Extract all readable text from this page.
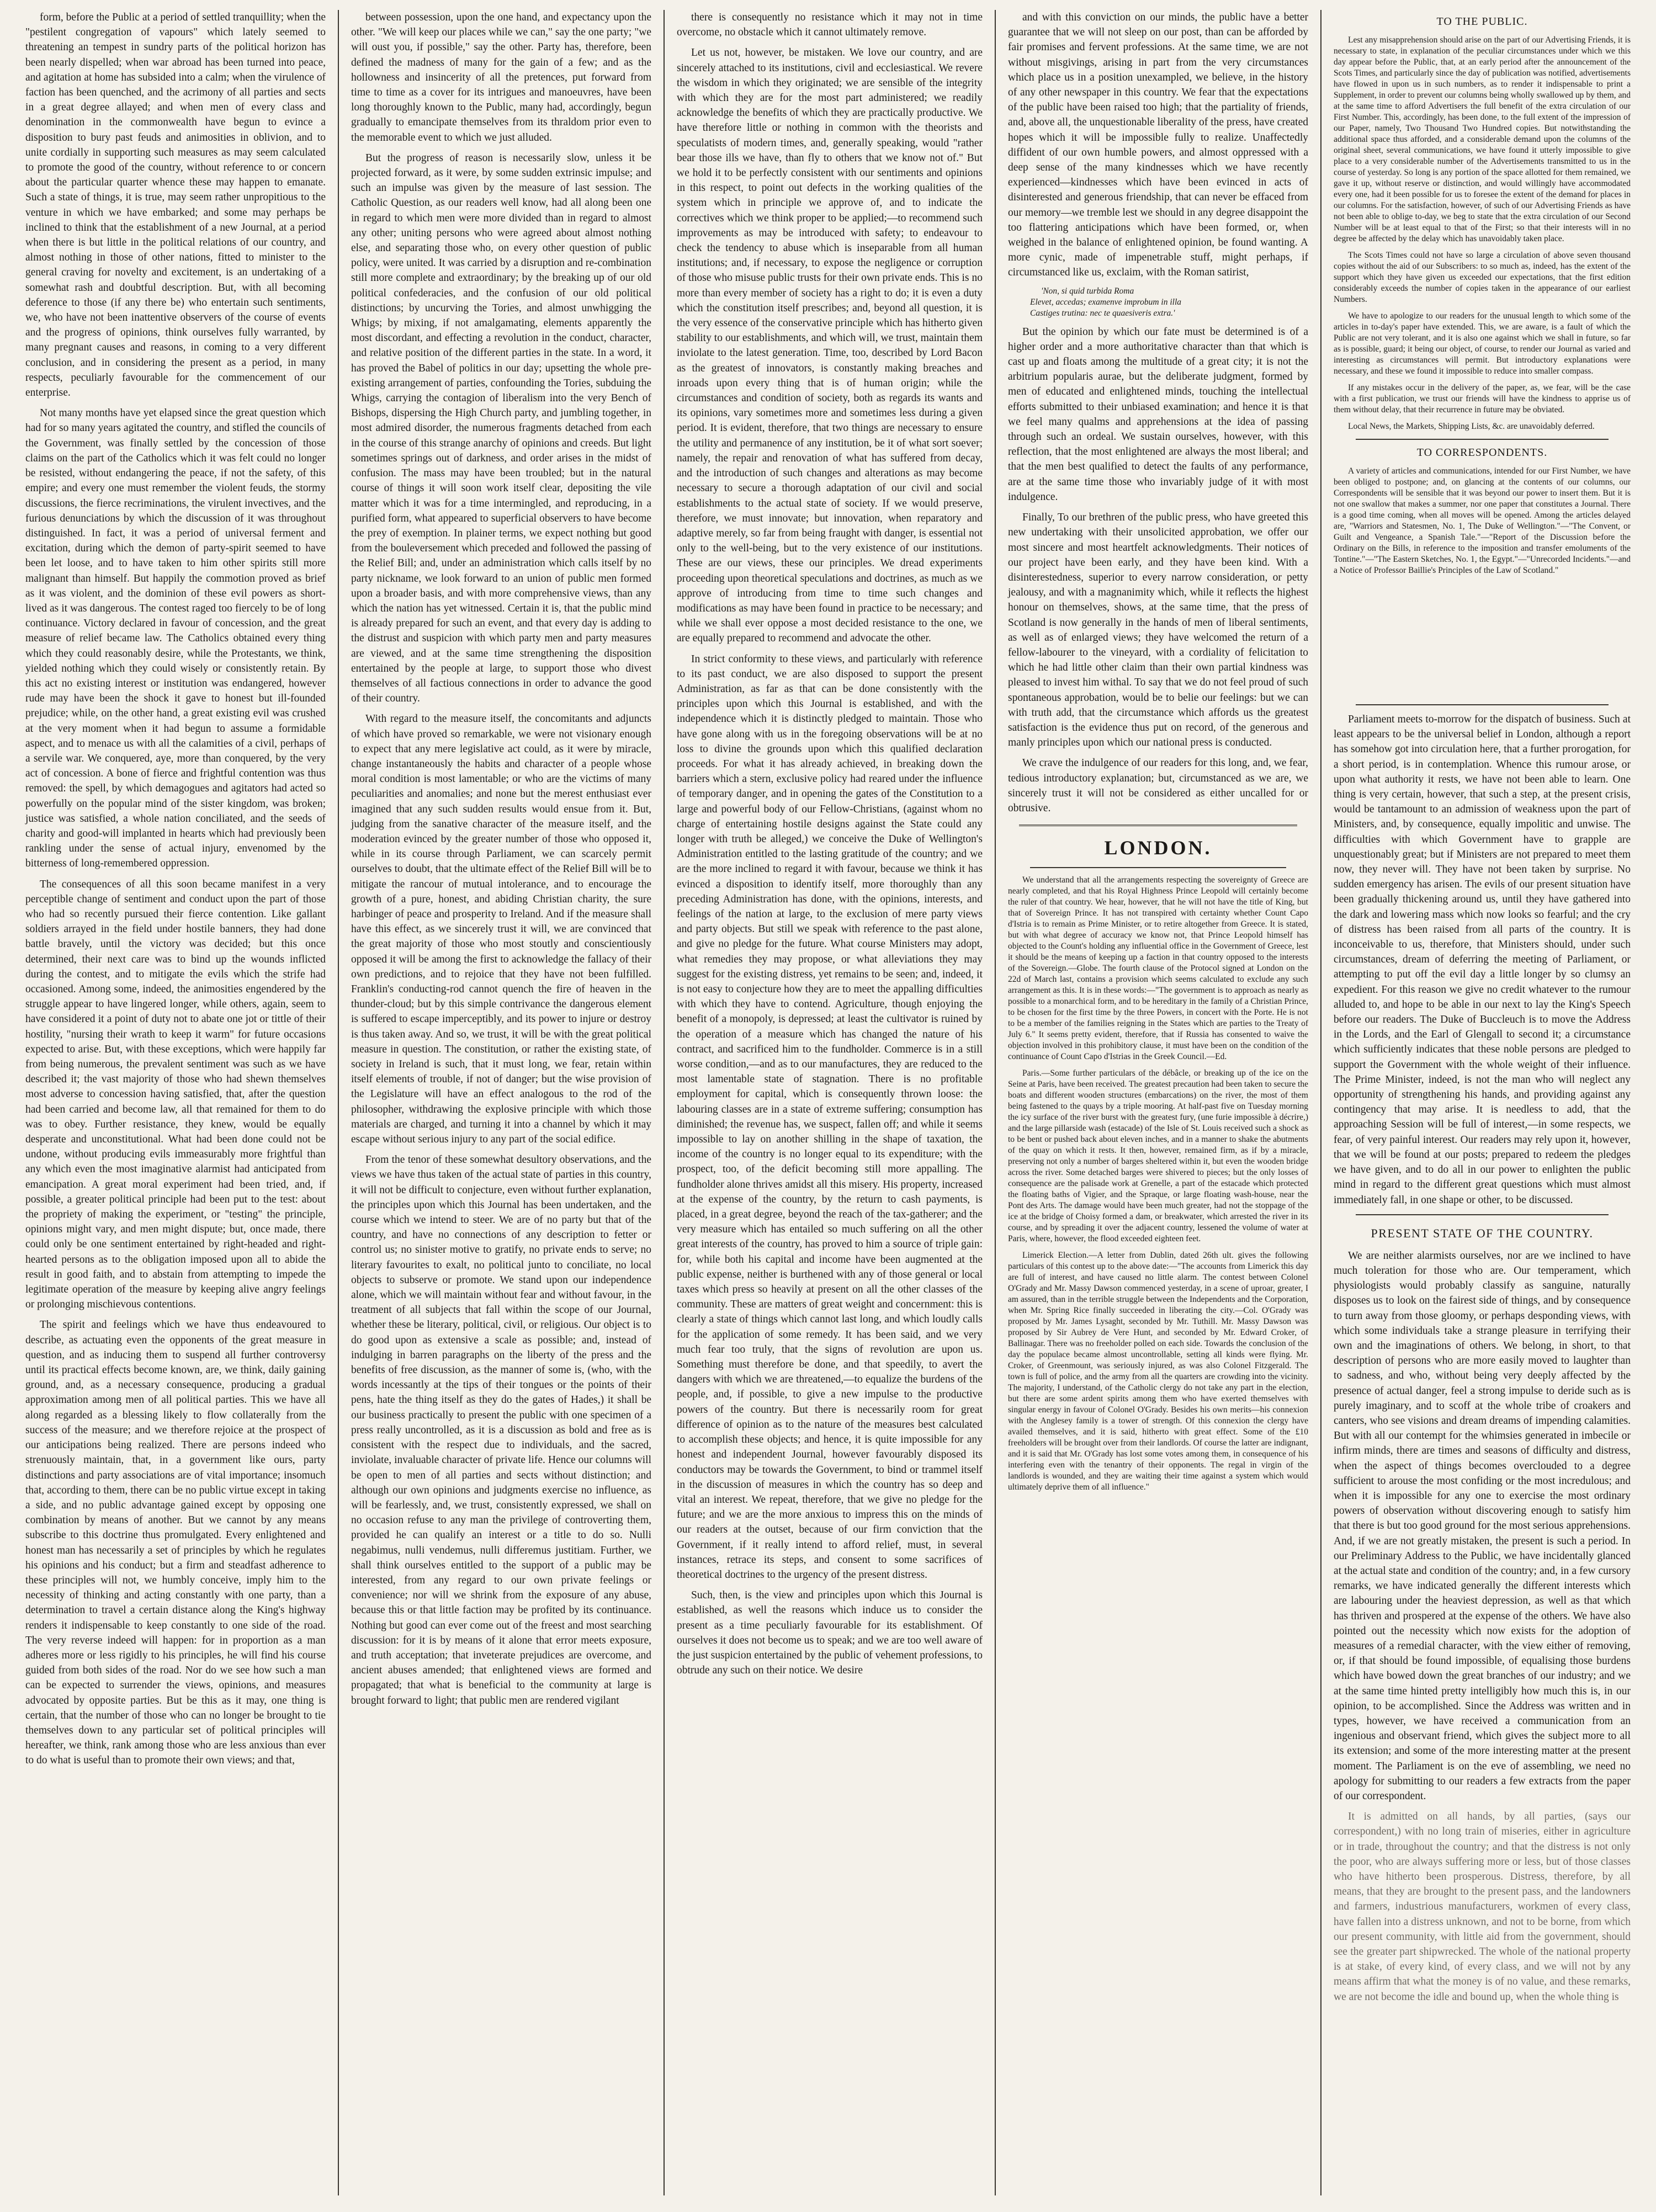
form, before the Public at a period of settled tranquillity; when the "pestilent congregation of vapours" which lately seemed to threatening an tempest in sundry parts of the political horizon has been nearly dispelled; when war abroad has been turned into peace, and agitation at home has subsided into a calm; when the virulence of faction has been quenched, and the acrimony of all parties and sects in a great degree allayed; and when men of every class and denomination in the commonwealth have begun to evince a disposition to bury past feuds and animosities in oblivion, and to unite cordially in supporting such measures as may seem calculated to promote the good of the country, without reference to or concern about the particular quarter whence these may happen to emanate. Such a state of things, it is true, may seem rather unpropitious to the venture in which we have embarked; and some may perhaps be inclined to think that the establishment of a new Journal, at a period when there is but little in the political relations of our country, and almost nothing in those of other nations, fitted to minister to the general craving for novelty and excitement, is an undertaking of a somewhat rash and doubtful description. But, with all becoming deference to those (if any there be) who entertain such sentiments, we, who have not been inattentive observers of the course of events and the progress of opinions, think ourselves fully warranted, by many pregnant causes and reasons, in coming to a very different conclusion, and in considering the present as a period, in many respects, peculiarly favourable for the commencement of our enterprise.

Not many months have yet elapsed since the great question which had for so many years agitated the country, and stifled the councils of the Government, was finally settled by the concession of those claims on the part of the Catholics which it was felt could no longer be resisted, without endangering the peace, if not the safety, of this empire; and every one must remember the violent feuds, the stormy discussions, the fierce recriminations, the virulent invectives, and the furious denunciations by which the discussion of it was throughout distinguished. In fact, it was a period of universal ferment and excitation, during which the demon of party-spirit seemed to have been let loose, and to have taken to him other spirits still more malignant than himself. But happily the commotion proved as brief as it was violent, and the dominion of these evil powers as short-lived as it was dangerous. The contest raged too fiercely to be of long continuance. Victory declared in favour of concession, and the great measure of relief became law. The Catholics obtained every thing which they could reasonably desire, while the Protestants, we think, yielded nothing which they could wisely or consistently retain. By this act no existing interest or institution was endangered, however rude may have been the shock it gave to honest but ill-founded prejudice; while, on the other hand, a great existing evil was crushed at the very moment when it had begun to assume a formidable aspect, and to menace us with all the calamities of a civil, perhaps of a servile war. We conquered, aye, more than conquered, by the very act of concession. A bone of fierce and frightful contention was thus removed: the spell, by which demagogues and agitators had acted so powerfully on the popular mind of the sister kingdom, was broken; justice was satisfied, a whole nation conciliated, and the seeds of charity and good-will implanted in hearts which had previously been rankling under the sense of actual injury, envenomed by the bitterness of long-remembered oppression.

The consequences of all this soon became manifest in a very perceptible change of sentiment and conduct upon the part of those who had so recently pursued their fierce contention. Like gallant soldiers arrayed in the field under hostile banners, they had done battle bravely, until the victory was decided; but this once determined, their next care was to bind up the wounds inflicted during the contest, and to mitigate the evils which the strife had occasioned. Among some, indeed, the animosities engendered by the struggle appear to have lingered longer, while others, again, seem to have considered it a point of duty not to abate one jot or tittle of their hostility, "nursing their wrath to keep it warm" for future occasions expected to arise. But, with these exceptions, which were happily far from being numerous, the prevalent sentiment was such as we have described it; the vast majority of those who had shewn themselves most adverse to concession having satisfied, that, after the question had been carried and become law, all that remained for them to do was to obey. Further resistance, they knew, would be equally desperate and unconstitutional. What had been done could not be undone, without producing evils immeasurably more frightful than any which even the most imaginative alarmist had anticipated from emancipation. A great moral experiment had been tried, and, if possible, a greater political principle had been put to the test: about the propriety of making the experiment, or "testing" the principle, opinions might vary, and men might dispute; but, once made, there could only be one sentiment entertained by right-headed and right-hearted persons as to the obligation imposed upon all to abide the result in good faith, and to abstain from attempting to impede the legitimate operation of the measure by keeping alive angry feelings or prolonging mischievous contentions.

The spirit and feelings which we have thus endeavoured to describe, as actuating even the opponents of the great measure in question, and as inducing them to suspend all further controversy until its practical effects become known, are, we think, daily gaining ground, and, as a necessary consequence, producing a gradual approximation among men of all political parties. This we have all along regarded as a blessing likely to flow collaterally from the success of the measure; and we therefore rejoice at the prospect of our anticipations being realized. There are persons indeed who strenuously maintain, that, in a government like ours, party distinctions and party associations are of vital importance; insomuch that, according to them, there can be no public virtue except in taking a side, and no public advantage gained except by opposing one combination by means of another. But we cannot by any means subscribe to this doctrine thus promulgated. Every enlightened and honest man has necessarily a set of principles by which he regulates his opinions and his conduct; but a firm and steadfast adherence to these principles will not, we humbly conceive, imply him to the necessity of thinking and acting constantly with one party, than a determination to travel a certain distance along the King's highway renders it indispensable to keep constantly to one side of the road. The very reverse indeed will happen: for in proportion as a man adheres more or less rigidly to his principles, he will find his course guided from both sides of the road. Nor do we see how such a man can be expected to surrender the views, opinions, and measures advocated by opposite parties. But be this as it may, one thing is certain, that the number of those who can no longer be brought to tie themselves down to any particular set of political principles will hereafter, we think, rank among those who are less anxious than ever to do what is useful than to promote their own views; and that,

between possession, upon the one hand, and expectancy upon the other. "We will keep our places while we can," say the one party; "we will oust you, if possible," say the other. Party has, therefore, been defined the madness of many for the gain of a few; and as the hollowness and insincerity of all the pretences, put forward from time to time as a cover for its intrigues and manoeuvres, have been long thoroughly known to the Public, many had, accordingly, begun gradually to emancipate themselves from its thraldom prior even to the memorable event to which we just alluded.

But the progress of reason is necessarily slow, unless it be projected forward, as it were, by some sudden extrinsic impulse; and such an impulse was given by the measure of last session. The Catholic Question, as our readers well know, had all along been one in regard to which men were more divided than in regard to almost any other; uniting persons who were agreed about almost nothing else, and separating those who, on every other question of public policy, were united. It was carried by a disruption and re-combination still more complete and extraordinary; by the breaking up of our old political confederacies, and the confusion of our old political distinctions; by uncurving the Tories, and almost unwhigging the Whigs; by mixing, if not amalgamating, elements apparently the most discordant, and effecting a revolution in the conduct, character, and relative position of the different parties in the state. In a word, it has proved the Babel of politics in our day; upsetting the whole pre-existing arrangement of parties, confounding the Tories, subduing the Whigs, carrying the contagion of liberalism into the very Bench of Bishops, dispersing the High Church party, and jumbling together, in most admired disorder, the numerous fragments detached from each in the course of this strange anarchy of opinions and creeds. But light sometimes springs out of darkness, and order arises in the midst of confusion. The mass may have been troubled; but in the natural course of things it will soon work itself clear, depositing the vile matter which it was for a time intermingled, and reproducing, in a purified form, what appeared to superficial observers to have become the prey of exemption. In plainer terms, we expect nothing but good from the bouleversement which preceded and followed the passing of the Relief Bill; and, under an administration which calls itself by no party nickname, we look forward to an union of public men formed upon a broader basis, and with more comprehensive views, than any which the nation has yet witnessed. Certain it is, that the public mind is already prepared for such an event, and that every day is adding to the distrust and suspicion with which party men and party measures are viewed, and at the same time strengthening the disposition entertained by the people at large, to support those who divest themselves of all factious connections in order to advance the good of their country.

With regard to the measure itself, the concomitants and adjuncts of which have proved so remarkable, we were not visionary enough to expect that any mere legislative act could, as it were by miracle, change instantaneously the habits and character of a people whose moral condition is most lamentable; or who are the victims of many peculiarities and anomalies; and none but the merest enthusiast ever imagined that any such sudden results would ensue from it. But, judging from the sanative character of the measure itself, and the moderation evinced by the greater number of those who opposed it, while in its course through Parliament, we can scarcely permit ourselves to doubt, that the ultimate effect of the Relief Bill will be to mitigate the rancour of mutual intolerance, and to encourage the growth of a pure, honest, and abiding Christian charity, the sure harbinger of peace and prosperity to Ireland. And if the measure shall have this effect, as we sincerely trust it will, we are convinced that the great majority of those who most stoutly and conscientiously opposed it will be among the first to acknowledge the fallacy of their own predictions, and to rejoice that they have not been fulfilled. Franklin's conducting-rod cannot quench the fire of heaven in the thunder-cloud; but by this simple contrivance the dangerous element is suffered to escape imperceptibly, and its power to injure or destroy is thus taken away. And so, we trust, it will be with the great political measure in question. The constitution, or rather the existing state, of society in Ireland is such, that it must long, we fear, retain within itself elements of trouble, if not of danger; but the wise provision of the Legislature will have an effect analogous to the rod of the philosopher, withdrawing the explosive principle with which those materials are charged, and turning it into a channel by which it may escape without serious injury to any part of the social edifice.

From the tenor of these somewhat desultory observations, and the views we have thus taken of the actual state of parties in this country, it will not be difficult to conjecture, even without further explanation, the principles upon which this Journal has been undertaken, and the course which we intend to steer. We are of no party but that of the country, and have no connections of any description to fetter or control us; no sinister motive to gratify, no private ends to serve; no literary favourites to exalt, no political junto to conciliate, no local objects to subserve or promote. We stand upon our independence alone, which we will maintain without fear and without favour, in the treatment of all subjects that fall within the scope of our Journal, whether these be literary, political, civil, or religious. Our object is to do good upon as extensive a scale as possible; and, instead of indulging in barren paragraphs on the liberty of the press and the benefits of free discussion, as the manner of some is, (who, with the words incessantly at the tips of their tongues or the points of their pens, hate the thing itself as they do the gates of Hades,) it shall be our business practically to present the public with one specimen of a press really uncontrolled, as it is a discussion as bold and free as is consistent with the respect due to individuals, and the sacred, inviolate, invaluable character of private life. Hence our columns will be open to men of all parties and sects without distinction; and although our own opinions and judgments exercise no influence, as will be fearlessly, and, we trust, consistently expressed, we shall on no occasion refuse to any man the privilege of controverting them, provided he can qualify an interest or a title to do so. Nulli negabimus, nulli vendemus, nulli differemus justitiam. Further, we shall think ourselves entitled to the support of a public may be interested, from any regard to our own private feelings or convenience; nor will we shrink from the exposure of any abuse, because this or that little faction may be profited by its continuance. Nothing but good can ever come out of the freest and most searching discussion: for it is by means of it alone that error meets exposure, and truth acceptation; that inveterate prejudices are overcome, and ancient abuses amended; that enlightened views are formed and propagated; that what is beneficial to the community at large is brought forward to light; that public men are rendered vigilant

there is consequently no resistance which it may not in time overcome, no obstacle which it cannot ultimately remove.

Let us not, however, be mistaken. We love our country, and are sincerely attached to its institutions, civil and ecclesiastical. We revere the wisdom in which they originated; we are sensible of the integrity with which they are for the most part administered; we readily acknowledge the benefits of which they are practically productive. We have therefore little or nothing in common with the theorists and speculatists of modern times, and, generally speaking, would "rather bear those ills we have, than fly to others that we know not of." But we hold it to be perfectly consistent with our sentiments and opinions in this respect, to point out defects in the working qualities of the system which in principle we approve of, and to indicate the correctives which we think proper to be applied;—to recommend such improvements as may be introduced with safety; to endeavour to check the tendency to abuse which is inseparable from all human institutions; and, if necessary, to expose the negligence or corruption of those who misuse public trusts for their own private ends. This is no more than every member of society has a right to do; it is even a duty which the constitution itself prescribes; and, beyond all question, it is the very essence of the conservative principle which has hitherto given stability to our establishments, and which will, we trust, maintain them inviolate to the latest generation. Time, too, described by Lord Bacon as the greatest of innovators, is constantly making breaches and inroads upon every thing that is of human origin; while the circumstances and condition of society, both as regards its wants and its opinions, vary sometimes more and sometimes less during a given period. It is evident, therefore, that two things are necessary to ensure the utility and permanence of any institution, be it of what sort soever; namely, the repair and renovation of what has suffered from decay, and the introduction of such changes and alterations as may become necessary to secure a thorough adaptation of our civil and social establishments to the actual state of society. If we would preserve, therefore, we must innovate; but innovation, when reparatory and adaptive merely, so far from being fraught with danger, is essential not only to the well-being, but to the very existence of our institutions. These are our views, these our principles. We dread experiments proceeding upon theoretical speculations and doctrines, as much as we approve of introducing from time to time such changes and modifications as may have been found in practice to be necessary; and while we shall ever oppose a most decided resistance to the one, we are equally prepared to recommend and advocate the other.

In strict conformity to these views, and particularly with reference to its past conduct, we are also disposed to support the present Administration, as far as that can be done consistently with the principles upon which this Journal is established, and with the independence which it is distinctly pledged to maintain. Those who have gone along with us in the foregoing observations will be at no loss to divine the grounds upon which this qualified declaration proceeds. For what it has already achieved, in breaking down the barriers which a stern, exclusive policy had reared under the influence of temporary danger, and in opening the gates of the Constitution to a large and powerful body of our Fellow-Christians, (against whom no charge of entertaining hostile designs against the State could any longer with truth be alleged,) we conceive the Duke of Wellington's Administration entitled to the lasting gratitude of the country; and we are the more inclined to regard it with favour, because we think it has evinced a disposition to identify itself, more thoroughly than any preceding Administration has done, with the opinions, interests, and feelings of the nation at large, to the exclusion of mere party views and party objects. But still we speak with reference to the past alone, and give no pledge for the future. What course Ministers may adopt, what remedies they may propose, or what alleviations they may suggest for the existing distress, yet remains to be seen; and, indeed, it is not easy to conjecture how they are to meet the appalling difficulties with which they have to contend. Agriculture, though enjoying the benefit of a monopoly, is depressed; at least the cultivator is ruined by the operation of a measure which has changed the nature of his contract, and sacrificed him to the fundholder. Commerce is in a still worse condition,—and as to our manufactures, they are reduced to the most lamentable state of stagnation. There is no profitable employment for capital, which is consequently thrown loose: the labouring classes are in a state of extreme suffering; consumption has diminished; the revenue has, we suspect, fallen off; and while it seems impossible to lay on another shilling in the shape of taxation, the income of the country is no longer equal to its expenditure; with the prospect, too, of the deficit becoming still more appalling. The fundholder alone thrives amidst all this misery. His property, increased at the expense of the country, by the return to cash payments, is placed, in a great degree, beyond the reach of the tax-gatherer; and the very measure which has entailed so much suffering on all the other great interests of the country, has proved to him a source of triple gain: for, while both his capital and income have been augmented at the public expense, neither is burthened with any of those general or local taxes which press so heavily at present on all the other classes of the community. These are matters of great weight and concernment: this is clearly a state of things which cannot last long, and which loudly calls for the application of some remedy. It has been said, and we very much fear too truly, that the signs of revolution are upon us. Something must therefore be done, and that speedily, to avert the dangers with which we are threatened,—to equalize the burdens of the people, and, if possible, to give a new impulse to the productive powers of the country. But there is necessarily room for great difference of opinion as to the nature of the measures best calculated to accomplish these objects; and hence, it is quite impossible for any honest and independent Journal, however favourably disposed its conductors may be towards the Government, to bind or trammel itself in the discussion of measures in which the country has so deep and vital an interest. We repeat, therefore, that we give no pledge for the future; and we are the more anxious to impress this on the minds of our readers at the outset, because of our firm conviction that the Government, if it really intend to afford relief, must, in several instances, retrace its steps, and consent to some sacrifices of theoretical doctrines to the urgency of the present distress.

Such, then, is the view and principles upon which this Journal is established, as well the reasons which induce us to consider the present as a time peculiarly favourable for its establishment. Of ourselves it does not become us to speak; and we are too well aware of the just suspicion entertained by the public of vehement professions, to obtrude any such on their notice. We desire

and with this conviction on our minds, the public have a better guarantee that we will not sleep on our post, than can be afforded by fair promises and fervent professions. At the same time, we are not without misgivings, arising in part from the very circumstances which place us in a position unexampled, we believe, in the history of any other newspaper in this country. We fear that the expectations of the public have been raised too high; that the partiality of friends, and, above all, the unquestionable liberality of the press, have created hopes which it will be impossible fully to realize. Unaffectedly diffident of our own humble powers, and almost oppressed with a deep sense of the many kindnesses which we have recently experienced—kindnesses which have been evinced in acts of disinterested and generous friendship, that can never be effaced from our memory—we tremble lest we should in any degree disappoint the too flattering anticipations which have been formed, or, when weighed in the balance of enlightened opinion, be found wanting. A more cynic, made of impenetrable stuff, might perhaps, if circumstanced like us, exclaim, with the Roman satirist,

'Non, si quid turbida Roma

Elevet, accedas; examenve improbum in illa

Castiges trutina: nec te quaesiveris extra.'

But the opinion by which our fate must be determined is of a higher order and a more authoritative character than that which is cast up and floats among the multitude of a great city; it is not the arbitrium popularis aurae, but the deliberate judgment, formed by men of educated and enlightened minds, touching the intellectual efforts submitted to their unbiased examination; and hence it is that we feel many qualms and apprehensions at the idea of passing through such an ordeal. We sustain ourselves, however, with this reflection, that the most enlightened are always the most liberal; and that the men best qualified to detect the faults of any performance, are at the same time those who invariably judge of it with most indulgence.

Finally, To our brethren of the public press, who have greeted this new undertaking with their unsolicited approbation, we offer our most sincere and most heartfelt acknowledgments. Their notices of our project have been early, and they have been kind. With a disinterestedness, superior to every narrow consideration, or petty jealousy, and with a magnanimity which, while it reflects the highest honour on themselves, shows, at the same time, that the press of Scotland is now generally in the hands of men of liberal sentiments, as well as of enlarged views; they have welcomed the return of a fellow-labourer to the vineyard, with a cordiality of felicitation to which he had little other claim than their own partial kindness was pleased to invest him withal. To say that we do not feel proud of such spontaneous approbation, would be to belie our feelings: but we can with truth add, that the circumstance which affords us the greatest satisfaction is the evidence thus put on record, of the generous and manly principles upon which our national press is conducted.

We crave the indulgence of our readers for this long, and, we fear, tedious introductory explanation; but, circumstanced as we are, we sincerely trust it will not be considered as either uncalled for or obtrusive.

LONDON.

We understand that all the arrangements respecting the sovereignty of Greece are nearly completed, and that his Royal Highness Prince Leopold will certainly become the ruler of that country. We hear, however, that he will not have the title of King, but that of Sovereign Prince. It has not transpired with certainty whether Count Capo d'Istria is to remain as Prime Minister, or to retire altogether from Greece. It is stated, but with what degree of accuracy we know not, that Prince Leopold himself has objected to the Count's holding any influential office in the Government of Greece, lest it should be the means of keeping up a faction in that country opposed to the interests of the Sovereign.—Globe. The fourth clause of the Protocol signed at London on the 22d of March last, contains a provision which seems calculated to exclude any such arrangement as this. It is in these words:—"The government is to approach as nearly as possible to a monarchical form, and to be hereditary in the family of a Christian Prince, to be chosen for the first time by the three Powers, in concert with the Porte. He is not to be a member of the families reigning in the States which are parties to the Treaty of July 6." It seems pretty evident, therefore, that if Russia has consented to waive the objection involved in this prohibitory clause, it must have been on the condition of the continuance of Count Capo d'Istrias in the Greek Council.—Ed.

Paris.—Some further particulars of the débâcle, or breaking up of the ice on the Seine at Paris, have been received. The greatest precaution had been taken to secure the boats and different wooden structures (embarcations) on the river, the most of them being fastened to the quays by a triple mooring. At half-past five on Tuesday morning the icy surface of the river burst with the greatest fury, (une furie impossible à décrire,) and the large pillarside wash (estacade) of the Isle of St. Louis received such a shock as to be bent or pushed back about eleven inches, and in a manner to shake the abutments of the quay on which it rests. It then, however, remained firm, as if by a miracle, preserving not only a number of barges sheltered within it, but even the wooden bridge across the river. Some detached barges were shivered to pieces; but the only losses of consequence are the palisade work at Grenelle, a part of the estacade which protected the floating baths of Vigier, and the Spraque, or large floating wash-house, near the Pont des Arts. The damage would have been much greater, had not the stoppage of the ice at the bridge of Choisy formed a dam, or breakwater, which arrested the river in its course, and by spreading it over the adjacent country, lessened the volume of water at Paris, where, however, the flood exceeded eighteen feet.

Limerick Election.—A letter from Dublin, dated 26th ult. gives the following particulars of this contest up to the above date:—"The accounts from Limerick this day are full of interest, and have caused no little alarm. The contest between Colonel O'Grady and Mr. Massy Dawson commenced yesterday, in a scene of uproar, greater, I am assured, than in the terrible struggle between the Independents and the Corporation, when Mr. Spring Rice finally succeeded in liberating the city.—Col. O'Grady was proposed by Mr. James Lysaght, seconded by Mr. Tuthill. Mr. Massy Dawson was proposed by Sir Aubrey de Vere Hunt, and seconded by Mr. Edward Croker, of Ballinagar. There was no freeholder polled on each side. Towards the conclusion of the day the populace became almost uncontrollable, setting all kinds were flying. Mr. Croker, of Greenmount, was seriously injured, as was also Colonel Fitzgerald. The town is full of police, and the army from all the quarters are crowding into the vicinity. The majority, I understand, of the Catholic clergy do not take any part in the election, but there are some ardent spirits among them who have exerted themselves with singular energy in favour of Colonel O'Grady. Besides his own merits—his connexion with the Anglesey family is a tower of strength. Of this connexion the clergy have availed themselves, and it is said, hitherto with great effect. Some of the £10 freeholders will be brought over from their landlords. Of course the latter are indignant, and it is said that Mr. O'Grady has lost some votes among them, in consequence of his interfering even with the tenantry of their opponents. The regal in virgin of the landlords is wounded, and they are waiting their time against a system which would ultimately deprive them of all influence."

TO THE PUBLIC.

Lest any misapprehension should arise on the part of our Advertising Friends, it is necessary to state, in explanation of the peculiar circumstances under which we this day appear before the Public, that, at an early period after the announcement of the Scots Times, and particularly since the day of publication was notified, advertisements have flowed in upon us in such numbers, as to render it indispensable to print a Supplement, in order to prevent our columns being wholly swallowed up by them, and at the same time to afford Advertisers the full benefit of the extra circulation of our First Number. This, accordingly, has been done, to the full extent of the impression of our Paper, namely, Two Thousand Two Hundred copies. But notwithstanding the additional space thus afforded, and a considerable demand upon the columns of the original sheet, several communications, we have found it utterly impossible to give place to a very considerable number of the Advertisements transmitted to us in the course of yesterday. So long is any portion of the space allotted for them remained, we gave it up, without reserve or distinction, and would willingly have accommodated every one, had it been possible for us to foresee the extent of the demand for places in our columns. For the satisfaction, however, of such of our Advertising Friends as have not been able to oblige to-day, we beg to state that the extra circulation of our Second Number will be at least equal to that of the First; so that their interests will in no degree be affected by the delay which has unavoidably taken place.

The Scots Times could not have so large a circulation of above seven thousand copies without the aid of our Subscribers: to so much as, indeed, has the extent of the support which they have given us exceeded our expectations, that the first edition considerably exceeds the number of copies taken in the appearance of our earliest Numbers.

We have to apologize to our readers for the unusual length to which some of the articles in to-day's paper have extended. This, we are aware, is a fault of which the Public are not very tolerant, and it is also one against which we shall in future, so far as is possible, guard; it being our object, of course, to render our Journal as varied and interesting as circumstances will permit. But introductory explanations were necessary, and these we found it impossible to reduce into smaller compass.

If any mistakes occur in the delivery of the paper, as, we fear, will be the case with a first publication, we trust our friends will have the kindness to apprise us of them without delay, that their recurrence in future may be obviated.

Local News, the Markets, Shipping Lists, &c. are unavoidably deferred.

TO CORRESPONDENTS.

A variety of articles and communications, intended for our First Number, we have been obliged to postpone; and, on glancing at the contents of our columns, our Correspondents will be sensible that it was beyond our power to insert them. But it is not one swallow that makes a summer, nor one paper that constitutes a Journal. There is a good time coming, when all moves will be opened. Among the articles delayed are, "Warriors and Statesmen, No. 1, The Duke of Wellington."—"The Convent, or Guilt and Vengeance, a Spanish Tale."—"Report of the Discussion before the Ordinary on the Bills, in reference to the imposition and transfer emoluments of the Tontine."—"The Eastern Sketches, No. 1, the Egypt."—"Unrecorded Incidents."—and a Notice of Professor Baillie's Principles of the Law of Scotland."

Parliament meets to-morrow for the dispatch of business. Such at least appears to be the universal belief in London, although a report has somehow got into circulation here, that a further prorogation, for a short period, is in contemplation. Whence this rumour arose, or upon what authority it rests, we have not been able to learn. One thing is very certain, however, that such a step, at the present crisis, would be tantamount to an admission of weakness upon the part of Ministers, and, by consequence, equally impolitic and unwise. The difficulties with which Government have to grapple are unquestionably great; but if Ministers are not prepared to meet them now, they never will. They have not been taken by surprise. No sudden emergency has arisen. The evils of our present situation have been gradually thickening around us, until they have gathered into the dark and lowering mass which now looks so fearful; and the cry of distress has been raised from all parts of the country. It is inconceivable to us, therefore, that Ministers should, under such circumstances, dream of deferring the meeting of Parliament, or attempting to put off the evil day a little longer by so clumsy an expedient. For this reason we give no credit whatever to the rumour alluded to, and hope to be able in our next to lay the King's Speech before our readers. The Duke of Buccleuch is to move the Address in the Lords, and the Earl of Glengall to second it; a circumstance which sufficiently indicates that these noble persons are pledged to support the Government with the whole weight of their influence. The Prime Minister, indeed, is not the man who will neglect any opportunity of strengthening his hands, and providing against any contingency that may arise. It is needless to add, that the approaching Session will be full of interest,—in some respects, we fear, of very painful interest. Our readers may rely upon it, however, that we will be found at our posts; prepared to redeem the pledges we have given, and to do all in our power to enlighten the public mind in regard to the different great questions which must almost immediately fall, in one shape or other, to be discussed.

PRESENT STATE OF THE COUNTRY.

We are neither alarmists ourselves, nor are we inclined to have much toleration for those who are. Our temperament, which physiologists would probably classify as sanguine, naturally disposes us to look on the fairest side of things, and by consequence to turn away from those gloomy, or perhaps desponding views, with which some individuals take a strange pleasure in terrifying their own and the imaginations of others. We belong, in short, to that description of persons who are more easily moved to laughter than to sadness, and who, without being very deeply affected by the presence of actual danger, feel a strong impulse to deride such as is purely imaginary, and to scoff at the whole tribe of croakers and canters, who see visions and dream dreams of impending calamities. But with all our contempt for the whimsies generated in imbecile or infirm minds, there are times and seasons of difficulty and distress, when the aspect of things becomes overclouded to a degree sufficient to arouse the most confiding or the most incredulous; and when it is impossible for any one to exercise the most ordinary powers of observation without discovering enough to satisfy him that there is but too good ground for the most serious apprehensions. And, if we are not greatly mistaken, the present is such a period. In our Preliminary Address to the Public, we have incidentally glanced at the actual state and condition of the country; and, in a few cursory remarks, we have indicated generally the different interests which are labouring under the heaviest depression, as well as that which has thriven and prospered at the expense of the others. We have also pointed out the necessity which now exists for the adoption of measures of a remedial character, with the view either of removing, or, if that should be found impossible, of equalising those burdens which have bowed down the great branches of our industry; and we at the same time hinted pretty intelligibly how much this is, in our opinion, to be accomplished. Since the Address was written and in types, however, we have received a communication from an ingenious and observant friend, which gives the subject more to all its extension; and some of the more interesting matter at the present moment. The Parliament is on the eve of assembling, we need no apology for submitting to our readers a few extracts from the paper of our correspondent.

It is admitted on all hands, by all parties, (says our correspondent,) with no long train of miseries, either in agriculture or in trade, throughout the country; and that the distress is not only the poor, who are always suffering more or less, but of those classes who have hitherto been prosperous. Distress, therefore, by all means, that they are brought to the present pass, and the landowners and farmers, industrious manufacturers, workmen of every class, have fallen into a distress unknown, and not to be borne, from which our present community, with little aid from the government, should see the greater part shipwrecked. The whole of the national property is at stake, of every kind, of every class, and we will not by any means affirm that what the money is of no value, and these remarks, we are not become the idle and bound up, when the whole thing is
